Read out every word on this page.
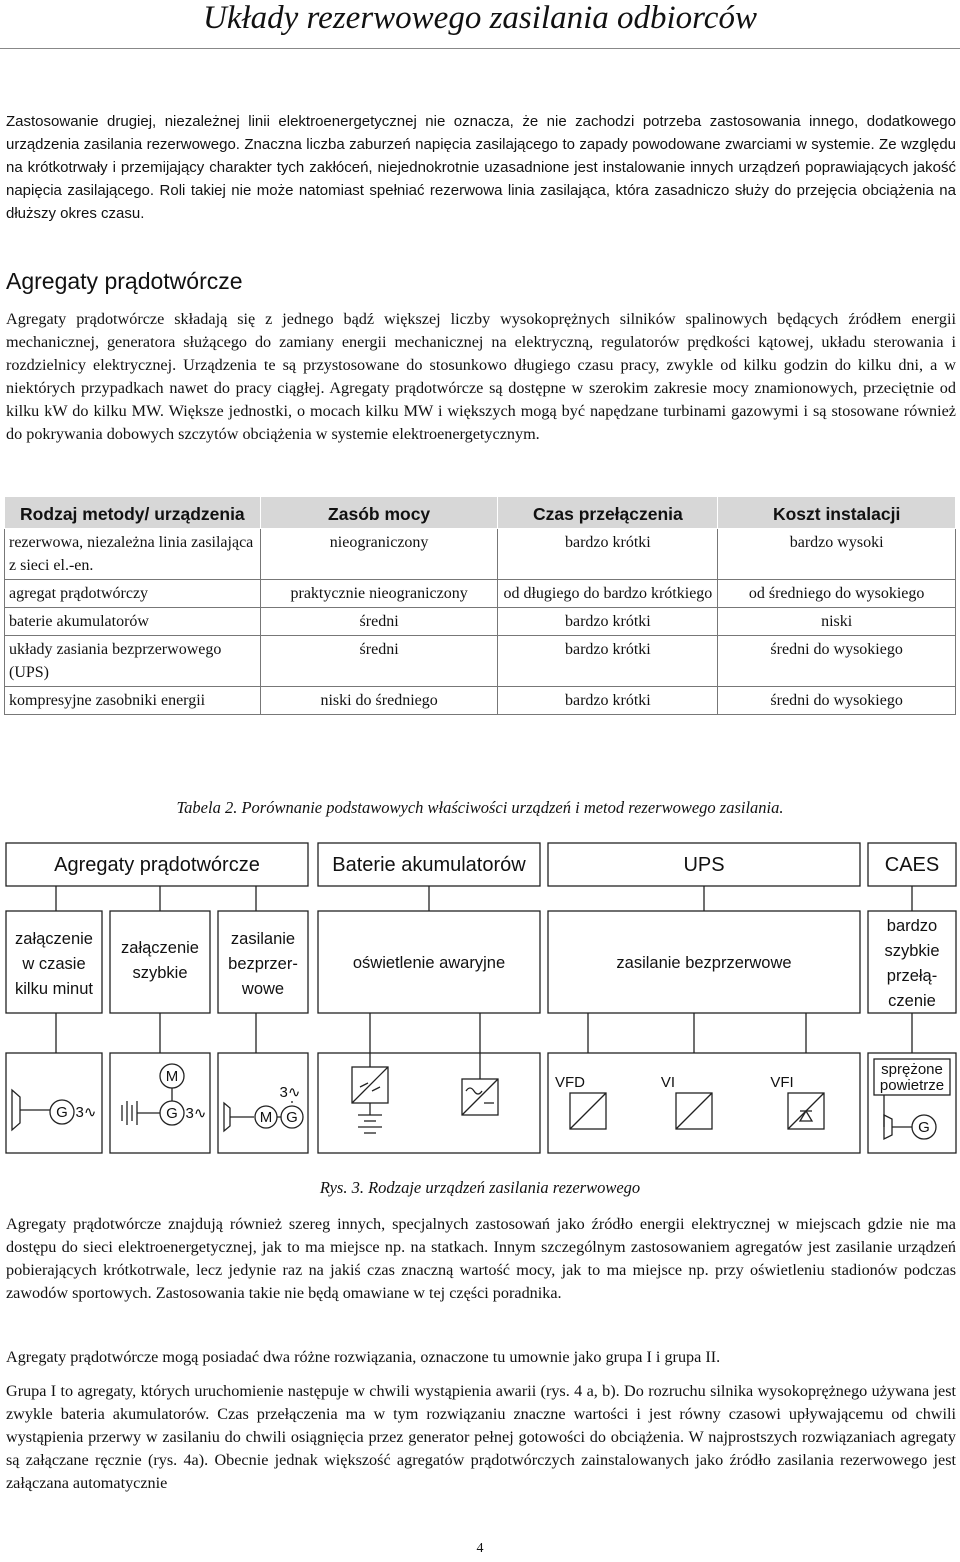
Układy rezerwowego zasilania odbiorców

Zastosowanie drugiej, niezależnej linii elektroenergetycznej nie oznacza, że nie zachodzi potrzeba zastosowania innego, dodatkowego urządzenia zasilania rezerwowego. Znaczna liczba zaburzeń napięcia zasilającego to zapady powodowane zwarciami w systemie. Ze względu na krótkotrwały i przemijający charakter tych zakłóceń, niejednokrotnie uzasadnione jest instalowanie innych urządzeń poprawiających jakość napięcia zasilającego. Roli takiej nie może natomiast spełniać rezerwowa linia zasilająca, która zasadniczo służy do przejęcia obciążenia na dłuższy okres czasu.

Agregaty prądotwórcze

Agregaty prądotwórcze składają się z jednego bądź większej liczby wysokoprężnych silników spalinowych będących źródłem energii mechanicznej, generatora służącego do zamiany energii mechanicznej na elektryczną, regulatorów prędkości kątowej, układu sterowania i rozdzielnicy elektrycznej. Urządzenia te są przystosowane do stosunkowo długiego czasu pracy, zwykle od kilku godzin do kilku dni, a w niektórych przypadkach nawet do pracy ciągłej. Agregaty prądotwórcze są dostępne w szerokim zakresie mocy znamionowych, przeciętnie od kilku kW do kilku MW. Większe jednostki, o mocach kilku MW i większych mogą być napędzane turbinami gazowymi i są stosowane również do pokrywania dobowych szczytów obciążenia w systemie elektroenergetycznym.

Rodzaj metody/ urządzenia	Zasób mocy	Czas przełączenia	Koszt instalacji
rezerwowa, niezależna linia zasilająca z sieci el.-en.	nieograniczony	bardzo krótki	bardzo wysoki
agregat prądotwórczy	praktycznie nieograniczony	od długiego do bardzo krótkiego	od średniego do wysokiego
baterie akumulatorów	średni	bardzo krótki	niski
układy zasiania bezprzerwowego (UPS)	średni	bardzo krótki	średni do wysokiego
kompresyjne zasobniki energii	niski do średniego	bardzo krótki	średni do wysokiego

Tabela 2. Porównanie podstawowych właściwości urządzeń i metod rezerwowego zasilania.

Agregaty prądotwórcze	Baterie akumulatorów	UPS	CAES
załączenie
w czasie
kilku minut
załączenie
szybkie
zasilanie
bezprzer-
wowe
oświetlenie awaryjne	zasilanie bezprzerwowe
bardzo
szybkie
przełą-
czenie
G 3∿
M
G 3∿
3∿
M G
VFD	VI	VFI
sprężone
powietrze
G

Rys. 3. Rodzaje urządzeń zasilania rezerwowego

Agregaty prądotwórcze znajdują również szereg innych, specjalnych zastosowań jako źródło energii elektrycznej w miejscach gdzie nie ma dostępu do sieci elektroenergetycznej, jak to ma miejsce np. na statkach. Innym szczególnym zastosowaniem agregatów jest zasilanie urządzeń pobierających krótkotrwale, lecz jedynie raz na jakiś czas znaczną wartość mocy, jak to ma miejsce np. przy oświetleniu stadionów podczas zawodów sportowych. Zastosowania takie nie będą omawiane w tej części poradnika.

Agregaty prądotwórcze mogą posiadać dwa różne rozwiązania, oznaczone tu umownie jako grupa I i grupa II.

Grupa I to agregaty, których uruchomienie następuje w chwili wystąpienia awarii (rys. 4 a, b). Do rozruchu silnika wysokoprężnego używana jest zwykle bateria akumulatorów. Czas przełączenia ma w tym rozwiązaniu znaczne wartości i jest równy czasowi upływającemu od chwili wystąpienia przerwy w zasilaniu do chwili osiągnięcia przez generator pełnej gotowości do obciążenia. W najprostszych rozwiązaniach agregaty są załączane ręcznie (rys. 4a). Obecnie jednak większość agregatów prądotwórczych zainstalowanych jako źródło zasilania rezerwowego jest załączana automatycznie

4
